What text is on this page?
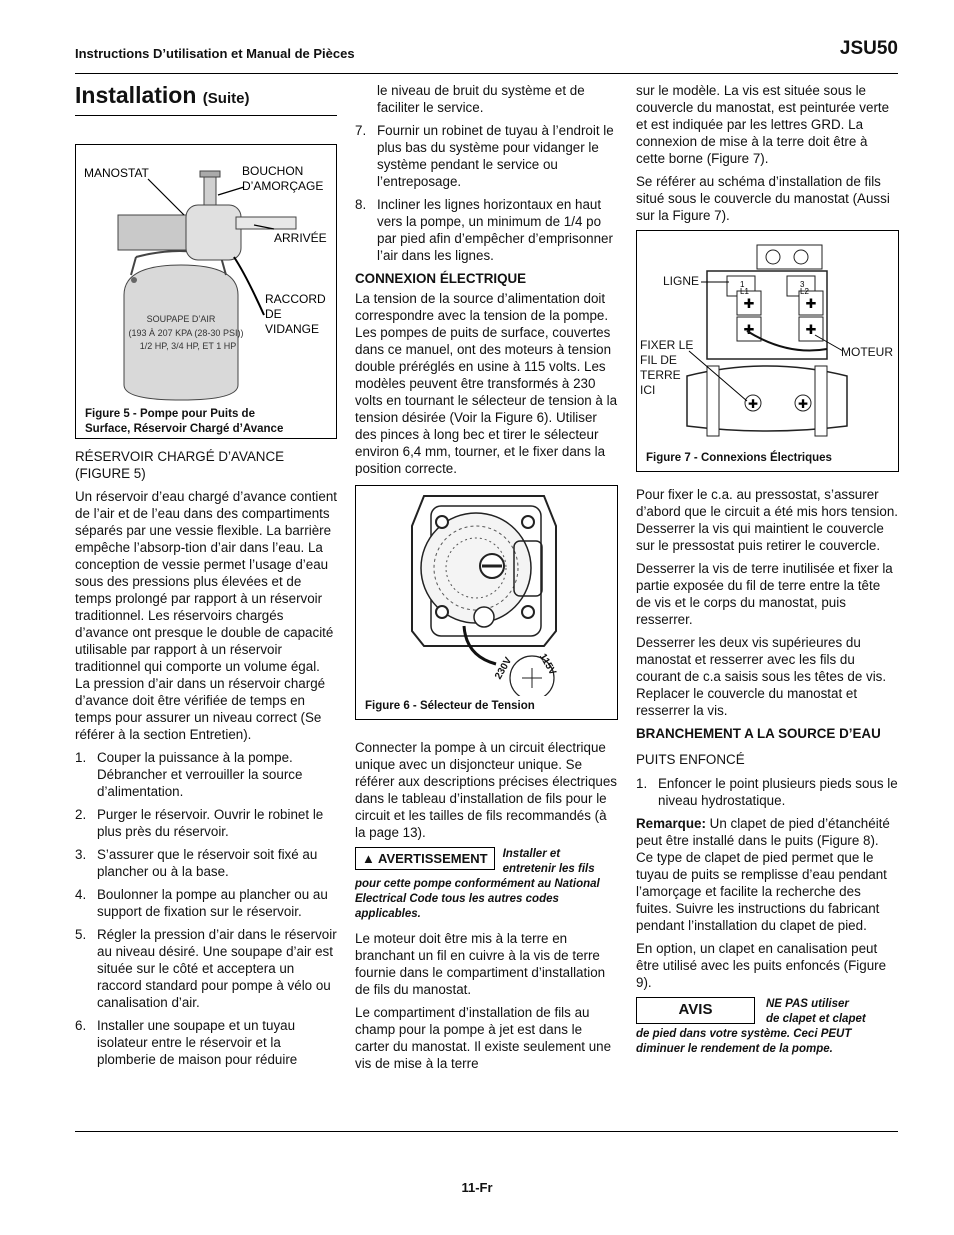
Instructions D’utilisation et Manual de Pièces	JSU50
Installation (Suite)
MANOSTAT	BOUCHON
D’AMORÇAGE
ARRIVÉE
RACCORD
DE
VIDANGE
SOUPAPE D’AIR
(193 À 207 KPA (28-30 PSI))
1/2 HP, 3/4 HP, ET 1 HP
Figure 5 - Pompe pour Puits de
Surface, Réservoir Chargé d’Avance
RÉSERVOIR CHARGÉ D’AVANCE
(FIGURE 5)

Un réservoir d’eau chargé d’avance contient de l’air et de l’eau dans des compartiments séparés par une vessie flexible. La barrière empêche l’absorp-tion d’air dans l’eau. La conception de vessie permet l’usage d’eau sous des pressions plus élevées et de temps prolongé par rapport à un réservoir traditionnel. Les réservoirs chargés d’avance ont presque le double de capacité utilisable par rapport à un réservoir traditionnel qui comporte un volume égal. La pression d’air dans un réservoir chargé d’avance doit être vérifiée de temps en temps pour assurer un niveau correct (Se référer à la section Entretien).

1. Couper la puissance à la pompe. Débrancher et verrouiller la source d’alimentation.
2. Purger le réservoir. Ouvrir le robinet le plus près du réservoir.
3. S’assurer que le réservoir soit fixé au plancher ou à la base.
4. Boulonner la pompe au plancher ou au support de fixation sur le réservoir.
5. Régler la pression d’air dans le réservoir au niveau désiré. Une soupape d’air est située sur le côté et acceptera un raccord standard pour pompe à vélo ou canalisation d’air.
6. Installer une soupape et un tuyau isolateur entre le réservoir et la plomberie de maison pour réduire

le niveau de bruit du système et de faciliter le service.

7. Fournir un robinet de tuyau à l’endroit le plus bas du système pour vidanger le système pendant le service ou l’entreposage.
8. Incliner les lignes horizontaux en haut vers la pompe, un minimum de 1/4 po par pied afin d’empêcher d’emprisonner l’air dans les lignes.
CONNEXION ÉLECTRIQUE

La tension de la source d’alimentation doit correspondre avec la tension de la pompe. Les pompes de puits de surface, couvertes dans ce manuel, ont des moteurs à tension double préréglés en usine à 115 volts. Les modèles peuvent être transformés à 230 volts en tournant le sélecteur de tension à la tension désirée (Voir la Figure 6). Utiliser des pinces à long bec et tirer le sélecteur environ 6,4 mm, tourner, et le fixer dans la position correcte.

230V 115V
Figure 6 - Sélecteur de Tension

Connecter la pompe à un circuit électrique unique avec un disjoncteur unique. Se référer aux descriptions précises électriques dans le tableau d’installation de fils pour le circuit et les tailles de fils recommandés (à la page 13).

▲ AVERTISSEMENT	Installer et
entretenir les fils
pour cette pompe conformément au National Electrical Code tous les autres codes applicables.

Le moteur doit être mis à la terre en branchant un fil en cuivre à la vis de terre fournie dans le compartiment d’installation de fils du manostat.

Le compartiment d’installation de fils au champ pour la pompe à jet est dans le carter du manostat. Il existe seulement une vis de mise à la terre

sur le modèle. La vis est située sous le couvercle du manostat, est peinturée verte et est indiquée par les lettres GRD. La connexion de mise à la terre doit être à cette borne (Figure 7).

Se référer au schéma d’installation de fils situé sous le couvercle du manostat (Aussi sur la Figure 7).

✚	✚
✚	✚
✚	✚
1
L1
3
L2
LIGNE
FIXER LE
FIL DE
TERRE
ICI
MOTEUR
Figure 7 - Connexions Électriques

Pour fixer le c.a. au pressostat, s’assurer d’abord que le circuit a été mis hors tension. Desserrer la vis qui maintient le couvercle sur le pressostat puis retirer le couvercle.

Desserrer la vis de terre inutilisée et fixer la partie exposée du fil de terre entre la tête de vis et le corps du manostat, puis resserrer.

Desserrer les deux vis supérieures du manostat et resserrer avec les fils du courant de c.a saisis sous les têtes de vis. Replacer le couvercle du manostat et resserrer la vis.

BRANCHEMENT A LA SOURCE D’EAU

PUITS ENFONCÉ

1. Enfoncer le point plusieurs pieds sous le niveau hydrostatique.

Remarque: Un clapet de pied d’étanchéité peut être installé dans le puits (Figure 8). Ce type de clapet de pied permet que le tuyau de puits se remplisse d’eau pendant l’amorçage et facilite la recherche des fuites. Suivre les instructions du fabricant pendant l’installation du clapet de pied.

En option, un clapet en canalisation peut être utilisé avec les puits enfoncés (Figure 9).

AVIS	NE PAS utiliser
de clapet et clapet
de pied dans votre système. Ceci PEUT diminuer le rendement de la pompe.
11-Fr
